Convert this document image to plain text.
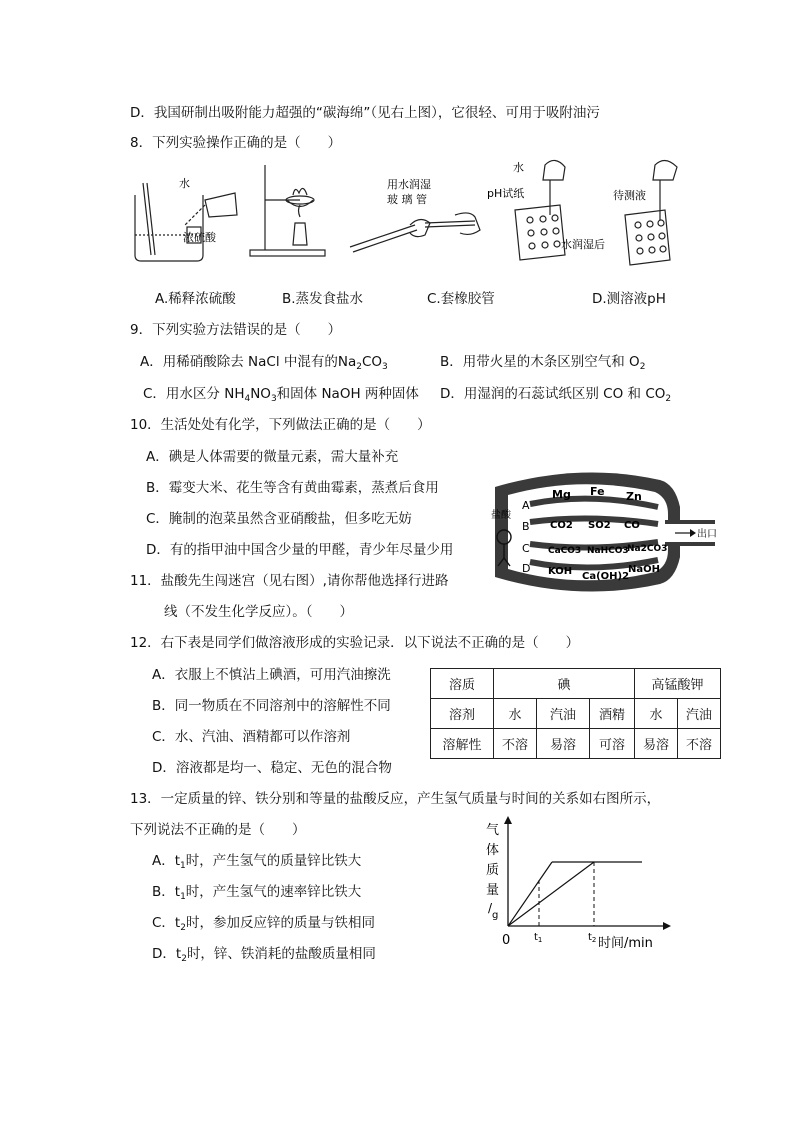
D．我国研制出吸附能力超强的“碳海绵”（见右上图），它很轻、可用于吸附油污
8．下列实验操作正确的是（　　）
水
浓硫酸
用水润湿
玻 璃 管
水
pH试纸
水润湿后
待测液
A.稀释浓硫酸	B.蒸发食盐水	C.套橡胶管	D.测溶液pH
9．下列实验方法错误的是（　　）
A．用稀硝酸除去 NaCl 中混有的$Na_2CO_3$	B．用带火星的木条区别空气和 $O_2$
C．用水区分 $NH_4NO_3$和固体 NaOH 两种固体 D．用湿润的石蕊试纸区别 CO 和 $CO_2$
10．生活处处有化学，下列做法正确的是（　　）
A．碘是人体需要的微量元素，需大量补充
B．霉变大米、花生等含有黄曲霉素，蒸煮后食用
C．腌制的泡菜虽然含亚硝酸盐，但多吃无妨
D．有的指甲油中国含少量的甲醛，青少年尽量少用
出口
盐酸
A
B
C
D
Mg Fe Zn
CO2 SO2 CO
CaCO3 NaHCO3
Na2CO3
KOH Ca(OH)2
NaOH
11．盐酸先生闯迷宫（见右图）,请你帮他选择行进路
线（不发生化学反应）。（　　）
12．右下表是同学们做溶液形成的实验记录．以下说法不正确的是（　　）
A．衣服上不慎沾上碘酒，可用汽油擦洗
B．同一物质在不同溶剂中的溶解性不同
C．水、汽油、酒精都可以作溶剂
D．溶液都是均一、稳定、无色的混合物
溶质	碘			高锰酸钾	
溶剂	水	汽油	酒精	水	汽油
溶解性	不溶	易溶	可溶	易溶	不溶
13．一定质量的锌、铁分别和等量的盐酸反应，产生氢气质量与时间的关系如右图所示，
下列说法不正确的是（　　）
A．$t_1$时，产生氢气的质量锌比铁大
B．$t_1$时，产生氢气的速率锌比铁大
C．$t_2$时，参加反应锌的质量与铁相同
D．$t_2$时，锌、铁消耗的盐酸质量相同
气
体
质
量
/
g
0 $t_1$	$t_2$ 时间/min
